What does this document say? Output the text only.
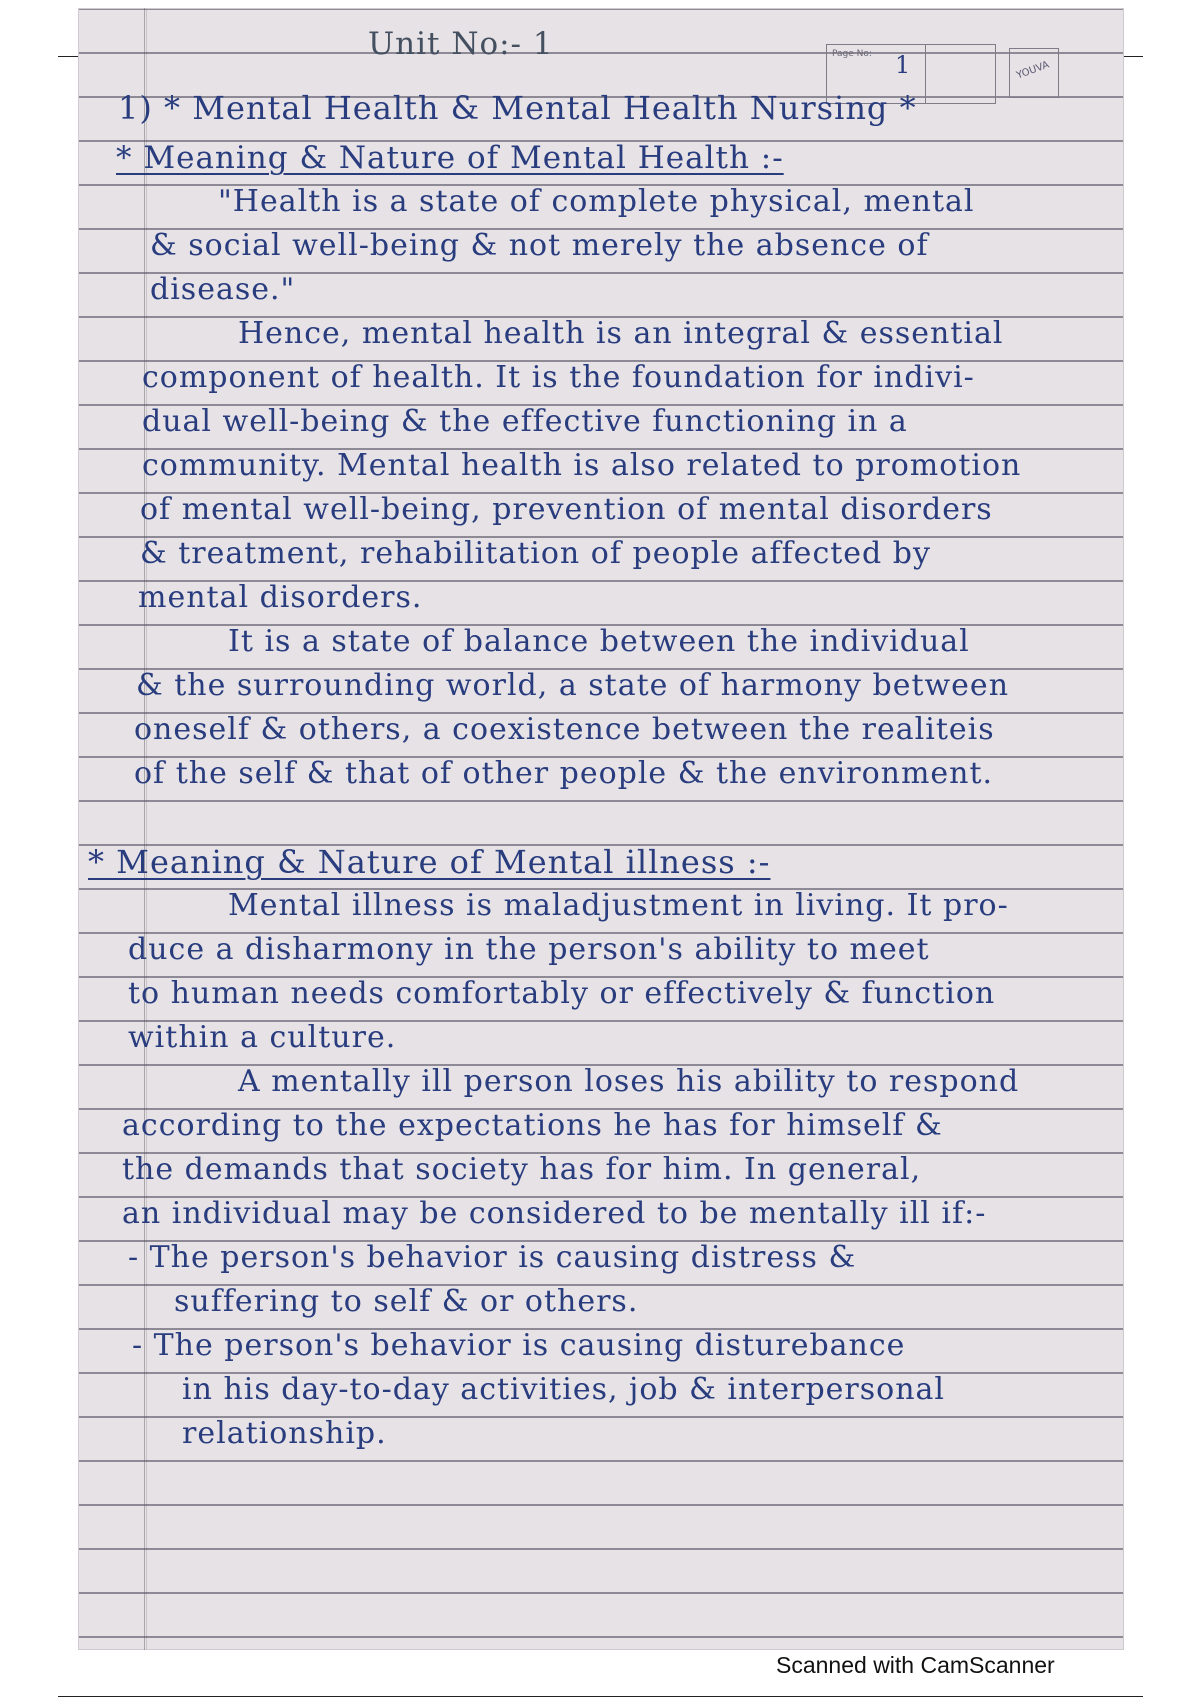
Page No: 1	YOUVA
Unit No:- 1
1) * Mental Health & Mental Health Nursing *
* Meaning & Nature of Mental Health :-
"Health is a state of complete physical, mental
& social well-being & not merely the absence of
disease."
Hence, mental health is an integral & essential
component of health. It is the foundation for indivi-
dual well-being & the effective functioning in a
community. Mental health is also related to promotion
of mental well-being, prevention of mental disorders
& treatment, rehabilitation of people affected by
mental disorders.
It is a state of balance between the individual
& the surrounding world, a state of harmony between
oneself & others, a coexistence between the realiteis
of the self & that of other people & the environment.
* Meaning & Nature of Mental illness :-
Mental illness is maladjustment in living. It pro-
duce a disharmony in the person's ability to meet
to human needs comfortably or effectively & function
within a culture.
A mentally ill person loses his ability to respond
according to the expectations he has for himself &
the demands that society has for him. In general,
an individual may be considered to be mentally ill if:-
- The person's behavior is causing distress &
suffering to self & or others.
- The person's behavior is causing disturebance
in his day-to-day activities, job & interpersonal
relationship.
Scanned with CamScanner
